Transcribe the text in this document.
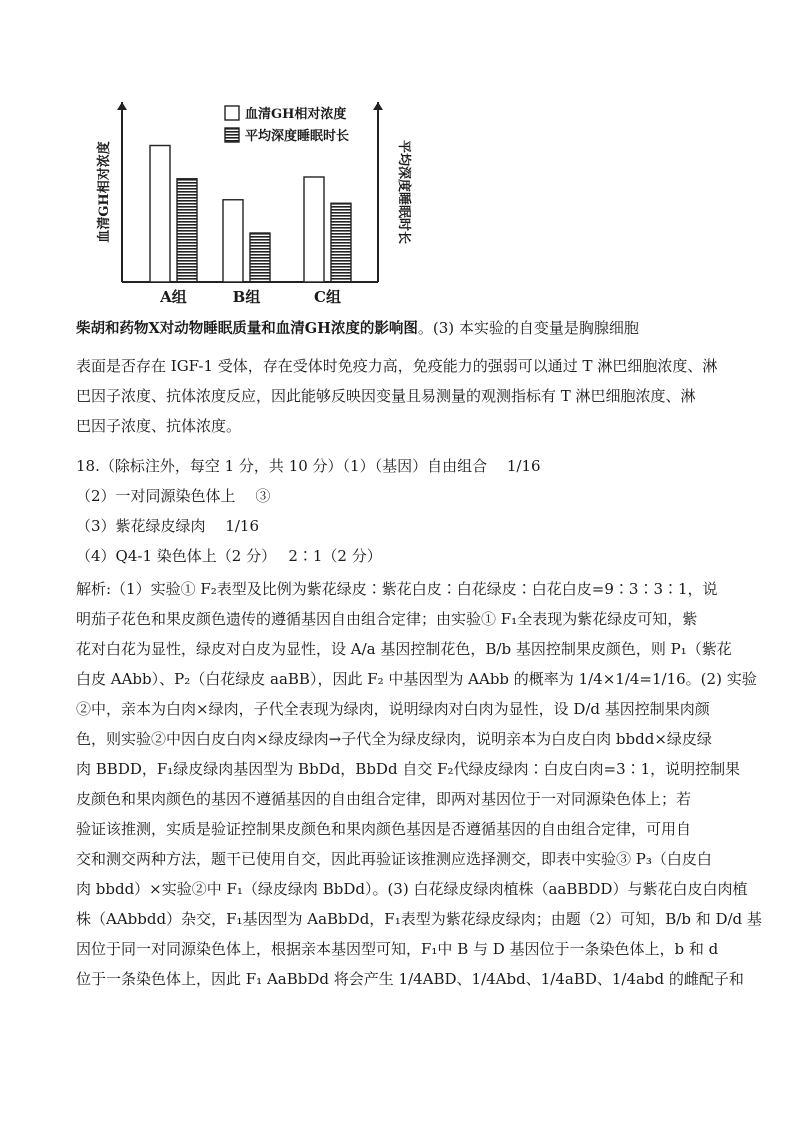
A组	B组	C组
血清GH相对浓度	平均深度睡眠时长
血清GH相对浓度
平均深度睡眠时长
柴胡和药物X对动物睡眠质量和血清GH浓度的影响图。(3) 本实验的自变量是胸腺细胞
表面是否存在 IGF-1 受体，存在受体时免疫力高，免疫能力的强弱可以通过 T 淋巴细胞浓度、淋
巴因子浓度、抗体浓度反应，因此能够反映因变量且易测量的观测指标有 T 淋巴细胞浓度、淋
巴因子浓度、抗体浓度。
18.（除标注外，每空 1 分，共 10 分）（1）（基因）自由组合　 1/16
（2）一对同源染色体上　 ③
（3）紫花绿皮绿肉　 1/16
（4）Q4-1 染色体上（2 分）　 2∶1（2 分）
解析:（1）实验① F₂表型及比例为紫花绿皮∶紫花白皮∶白花绿皮∶白花白皮=9∶3∶3∶1，说
明茄子花色和果皮颜色遗传的遵循基因自由组合定律；由实验① F₁全表现为紫花绿皮可知，紫
花对白花为显性，绿皮对白皮为显性，设 A/a 基因控制花色，B/b 基因控制果皮颜色，则 P₁（紫花
白皮 AAbb）、P₂（白花绿皮 aaBB），因此 F₂ 中基因型为 AAbb 的概率为 1/4×1/4=1/16。(2) 实验
②中，亲本为白肉×绿肉，子代全表现为绿肉，说明绿肉对白肉为显性，设 D/d 基因控制果肉颜
色，则实验②中因白皮白肉×绿皮绿肉→子代全为绿皮绿肉，说明亲本为白皮白肉 bbdd×绿皮绿
肉 BBDD，F₁绿皮绿肉基因型为 BbDd，BbDd 自交 F₂代绿皮绿肉∶白皮白肉=3∶1，说明控制果
皮颜色和果肉颜色的基因不遵循基因的自由组合定律，即两对基因位于一对同源染色体上；若
验证该推测，实质是验证控制果皮颜色和果肉颜色基因是否遵循基因的自由组合定律，可用自
交和测交两种方法，题干已使用自交，因此再验证该推测应选择测交，即表中实验③ P₃（白皮白
肉 bbdd）×实验②中 F₁（绿皮绿肉 BbDd）。(3) 白花绿皮绿肉植株（aaBBDD）与紫花白皮白肉植
株（AAbbdd）杂交，F₁基因型为 AaBbDd，F₁表型为紫花绿皮绿肉；由题（2）可知，B/b 和 D/d 基
因位于同一对同源染色体上，根据亲本基因型可知，F₁中 B 与 D 基因位于一条染色体上，b 和 d
位于一条染色体上，因此 F₁ AaBbDd 将会产生 1/4ABD、1/4Abd、1/4aBD、1/4abd 的雌配子和
